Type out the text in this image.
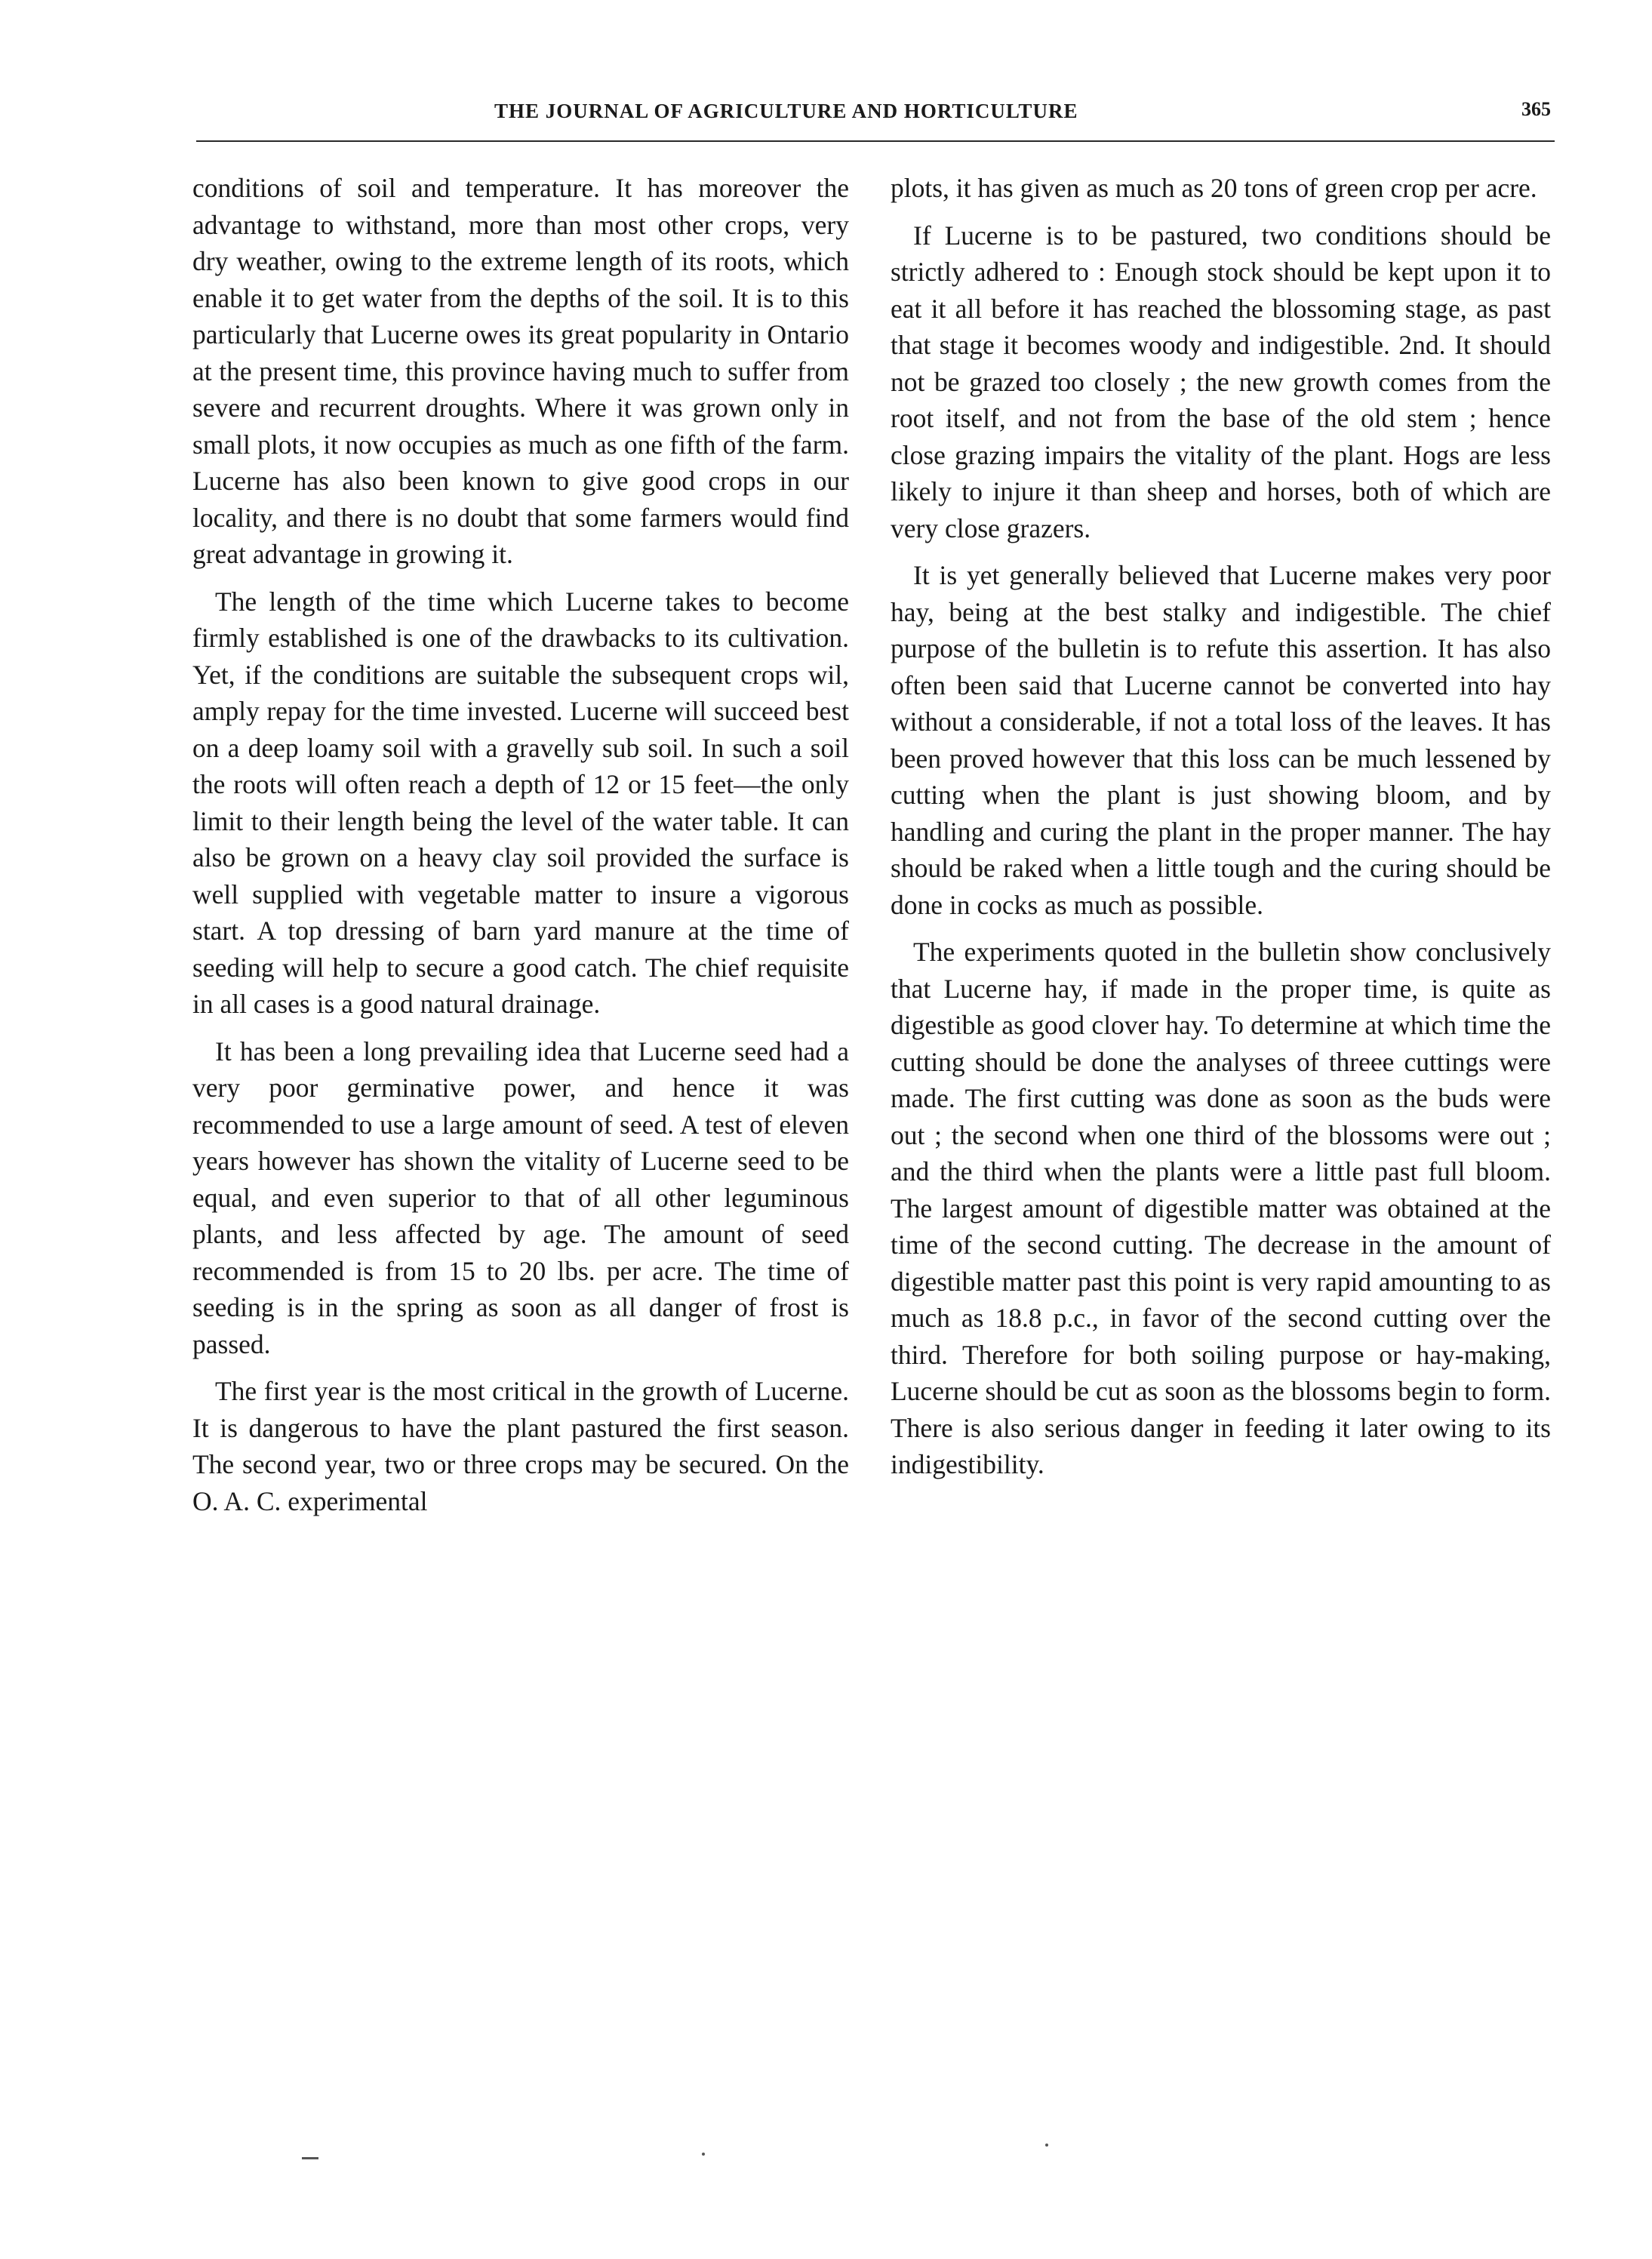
THE JOURNAL OF AGRICULTURE AND HORTICULTURE	365

conditions of soil and temperature. It has moreover the advantage to withstand, more than most other crops, very dry weather, owing to the extreme length of its roots, which enable it to get water from the depths of the soil. It is to this particularly that Lucerne owes its great popularity in Ontario at the present time, this province having much to suffer from severe and recurrent droughts. Where it was grown only in small plots, it now occupies as much as one fifth of the farm. Lucerne has also been known to give good crops in our locality, and there is no doubt that some farmers would find great advantage in growing it.

The length of the time which Lucerne takes to become firmly established is one of the drawbacks to its cultivation. Yet, if the conditions are suitable the subsequent crops wil, amply repay for the time invested. Lucerne will succeed best on a deep loamy soil with a gravelly sub soil. In such a soil the roots will often reach a depth of 12 or 15 feet—the only limit to their length being the level of the water table. It can also be grown on a heavy clay soil provided the surface is well supplied with vegetable matter to insure a vigorous start. A top dressing of barn yard manure at the time of seeding will help to secure a good catch. The chief requisite in all cases is a good natural drainage.

It has been a long prevailing idea that Lucerne seed had a very poor germinative power, and hence it was recommended to use a large amount of seed. A test of eleven years however has shown the vitality of Lucerne seed to be equal, and even superior to that of all other leguminous plants, and less affected by age. The amount of seed recommended is from 15 to 20 lbs. per acre. The time of seeding is in the spring as soon as all danger of frost is passed.

The first year is the most critical in the growth of Lucerne. It is dangerous to have the plant pastured the first season. The second year, two or three crops may be secured. On the O. A. C. experimental

plots, it has given as much as 20 tons of green crop per acre.

If Lucerne is to be pastured, two conditions should be strictly adhered to : Enough stock should be kept upon it to eat it all before it has reached the blossoming stage, as past that stage it becomes woody and indigestible. 2nd. It should not be grazed too closely ; the new growth comes from the root itself, and not from the base of the old stem ; hence close grazing impairs the vitality of the plant. Hogs are less likely to injure it than sheep and horses, both of which are very close grazers.

It is yet generally believed that Lucerne makes very poor hay, being at the best stalky and indigestible. The chief purpose of the bulletin is to refute this assertion. It has also often been said that Lucerne cannot be converted into hay without a considerable, if not a total loss of the leaves. It has been proved however that this loss can be much lessened by cutting when the plant is just showing bloom, and by handling and curing the plant in the proper manner. The hay should be raked when a little tough and the curing should be done in cocks as much as possible.

The experiments quoted in the bulletin show conclusively that Lucerne hay, if made in the proper time, is quite as digestible as good clover hay. To determine at which time the cutting should be done the analyses of threee cuttings were made. The first cutting was done as soon as the buds were out ; the second when one third of the blossoms were out ; and the third when the plants were a little past full bloom. The largest amount of digestible matter was obtained at the time of the second cutting. The decrease in the amount of digestible matter past this point is very rapid amounting to as much as 18.8 p.c., in favor of the second cutting over the third. Therefore for both soiling purpose or hay-making, Lucerne should be cut as soon as the blossoms begin to form. There is also serious danger in feeding it later owing to its indigestibility.
